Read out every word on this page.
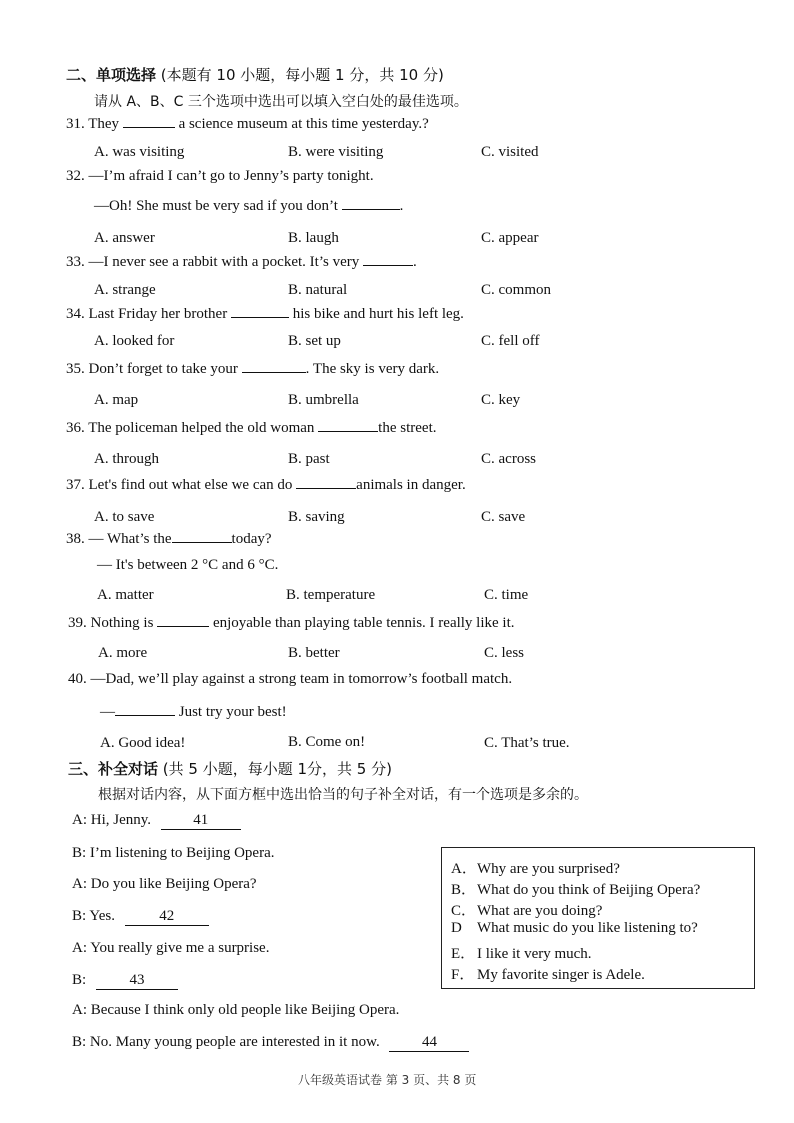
二、单项选择 (本题有 10 小题，每小题 1 分，共 10 分)
请从 A、B、C 三个选项中选出可以填入空白处的最佳选项。
31. They	a science museum at this time yesterday.?
A. was visiting	B. were visiting	C. visited
32. —I’m afraid I can’t go to Jenny’s party tonight.
—Oh! She must be very sad if you don’t	.
A. answer	B. laugh	C. appear
33. —I never see a rabbit with a pocket. It’s very	.
A. strange	B. natural	C. common
34. Last Friday her brother	his bike and hurt his left leg.
A. looked for	B. set up	C. fell off
35. Don’t forget to take your	. The sky is very dark.
A. map	B. umbrella	C. key
36. The policeman helped the old woman	the street.
A. through	B. past	C. across
37. Let's find out what else we can do	animals in danger.
A. to save	B. saving	C. save
38. — What’s the	today?
— It's between 2 °C and 6 °C.
A. matter	B. temperature	C. time
39. Nothing is	enjoyable than playing table tennis. I really like it.
A. more	B. better	C. less
40. —Dad, we’ll play against a strong team in tomorrow’s football match.
—	Just try your best!
A. Good idea!	B. Come on!	C. That’s true.
三、补全对话 (共 5 小题，每小题 1分，共 5 分)
根据对话内容，从下面方框中选出恰当的句子补全对话，有一个选项是多余的。
A: Hi, Jenny.	41
B: I’m listening to Beijing Opera.
A: Do you like Beijing Opera?
B: Yes.	42
A: You really give me a surprise.
B:	43
A: Because I think only old people like Beijing Opera.
B: No. Many young people are interested in it now.	44
A．Why are you surprised?
B．What do you think of Beijing Opera?
C．What are you doing?
D What music do you like listening to?
E． I like it very much.
F． My favorite singer is Adele.
八年级英语试卷 第 3 页、共 8 页
